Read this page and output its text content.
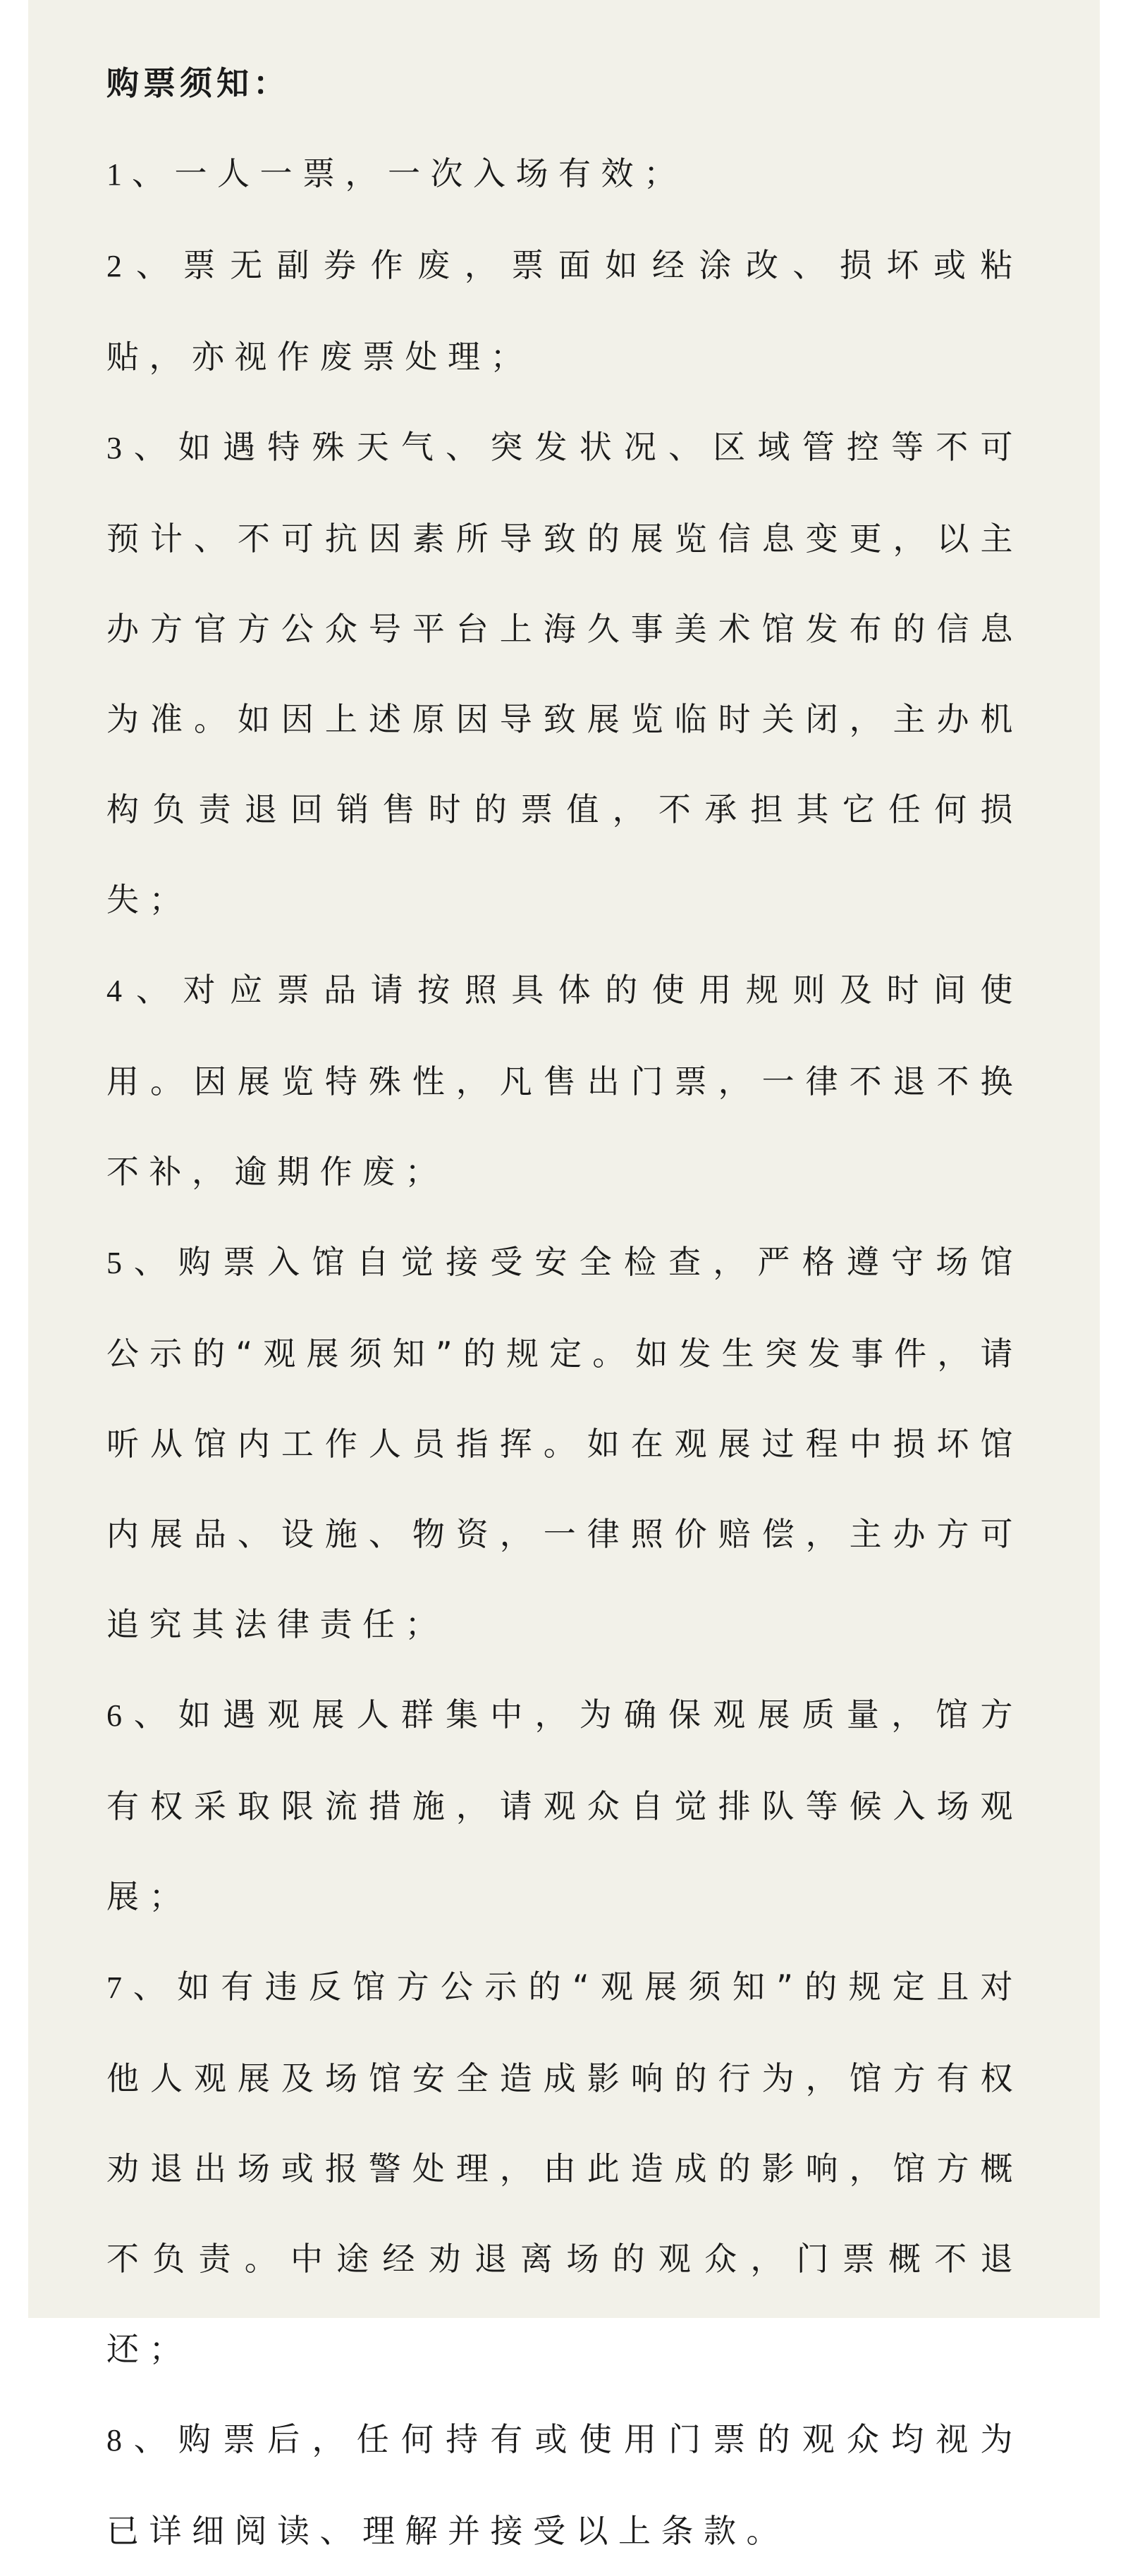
购票须知：

1、一人一票，一次入场有效；

2、票无副券作废，票面如经涂改、损坏或粘贴，亦视作废票处理；

3、如遇特殊天气、突发状况、区域管控等不可预计、不可抗因素所导致的展览信息变更，以主办方官方公众号平台上海久事美术馆发布的信息为准。如因上述原因导致展览临时关闭，主办机构负责退回销售时的票值，不承担其它任何损失；

4、对应票品请按照具体的使用规则及时间使用。因展览特殊性，凡售出门票，一律不退不换不补，逾期作废；

5、购票入馆自觉接受安全检查，严格遵守场馆公示的“观展须知”的规定。如发生突发事件，请听从馆内工作人员指挥。如在观展过程中损坏馆内展品、设施、物资，一律照价赔偿，主办方可追究其法律责任；

6、如遇观展人群集中，为确保观展质量，馆方有权采取限流措施，请观众自觉排队等候入场观展；

7、如有违反馆方公示的“观展须知”的规定且对他人观展及场馆安全造成影响的行为，馆方有权劝退出场或报警处理，由此造成的影响，馆方概不负责。中途经劝退离场的观众，门票概不退还；

8、购票后，任何持有或使用门票的观众均视为已详细阅读、理解并接受以上条款。
